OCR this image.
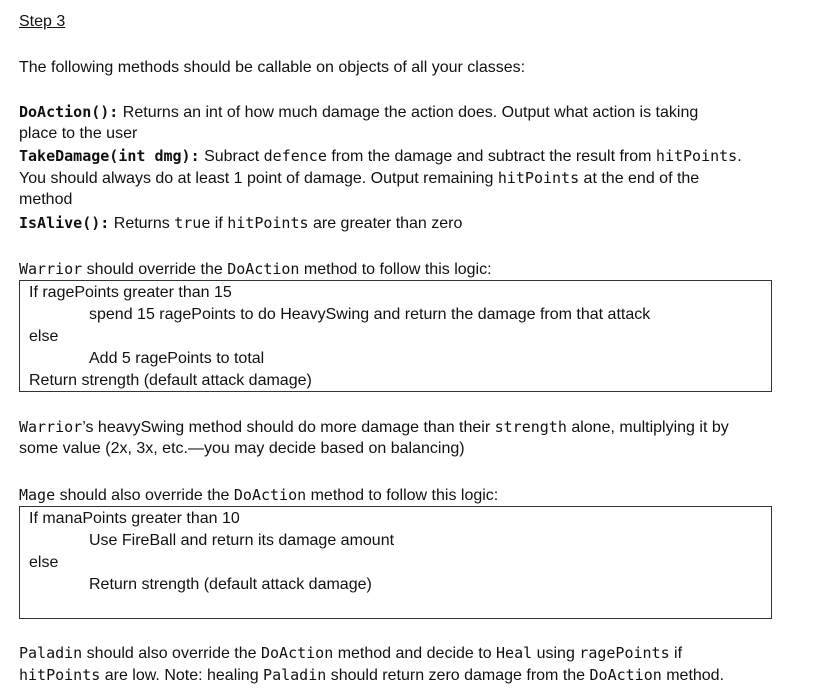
Step 3
The following methods should be callable on objects of all your classes:
DoAction(): Returns an int of how much damage the action does. Output what action is taking
place to the user
TakeDamage(int dmg): Subract defence from the damage and subtract the result from hitPoints.
You should always do at least 1 point of damage. Output remaining hitPoints at the end of the
method
IsAlive(): Returns true if hitPoints are greater than zero
Warrior should override the DoAction method to follow this logic:
If ragePoints greater than 15
spend 15 ragePoints to do HeavySwing and return the damage from that attack
else
Add 5 ragePoints to total
Return strength (default attack damage)
Warrior’s heavySwing method should do more damage than their strength alone, multiplying it by
some value (2x, 3x, etc.—you may decide based on balancing)
Mage should also override the DoAction method to follow this logic:
If manaPoints greater than 10
Use FireBall and return its damage amount
else
Return strength (default attack damage)
Paladin should also override the DoAction method and decide to Heal using ragePoints if
hitPoints are low. Note: healing Paladin should return zero damage from the DoAction method.
